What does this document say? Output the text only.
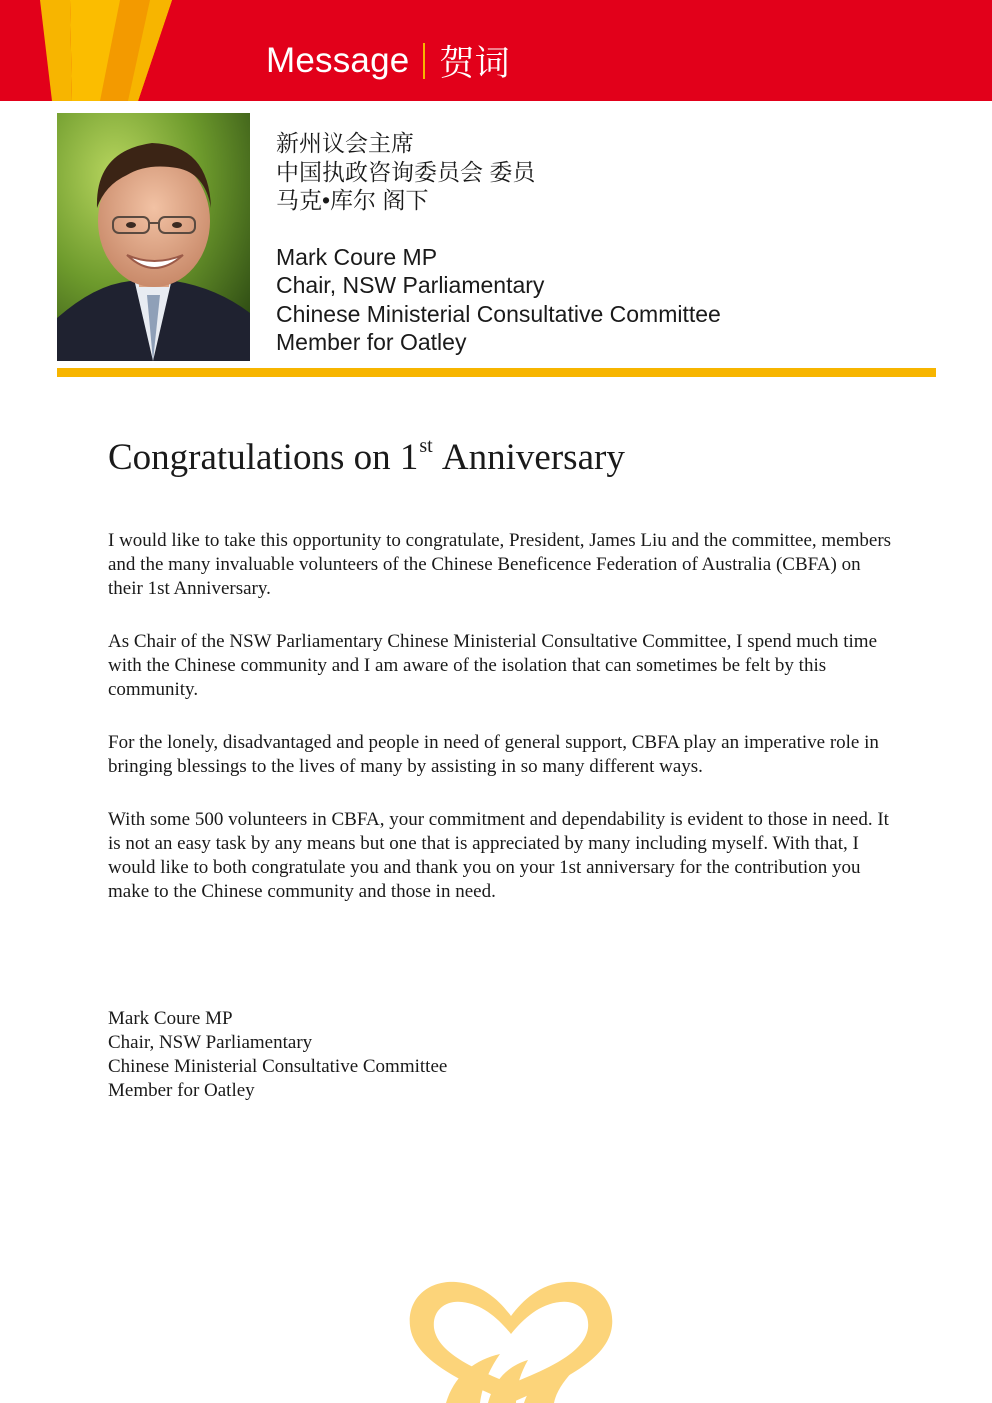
Message 贺词
新州议会主席
中国执政咨询委员会 委员
马克•库尔 阁下
Mark Coure MP
Chair, NSW Parliamentary
Chinese Ministerial Consultative Committee
Member for Oatley
Congratulations on 1st Anniversary

I would like to take this opportunity to congratulate, President, James Liu and the committee, members and the many invaluable volunteers of the Chinese Beneficence Federation of Australia (CBFA) on their 1st Anniversary.

As Chair of the NSW Parliamentary Chinese Ministerial Consultative Committee, I spend much time with the Chinese community and I am aware of the isolation that can sometimes be felt by this community.

For the lonely, disadvantaged and people in need of general support, CBFA play an imperative role in bringing blessings to the lives of many by assisting in so many different ways.

With some 500 volunteers in CBFA, your commitment and dependability is evident to those in need. It is not an easy task by any means but one that is appreciated by many including myself. With that, I would like to both congratulate you and thank you on your 1st anniversary for the contribution you make to the Chinese community and those in need.

Mark Coure MP
Chair, NSW Parliamentary
Chinese Ministerial Consultative Committee
Member for Oatley
